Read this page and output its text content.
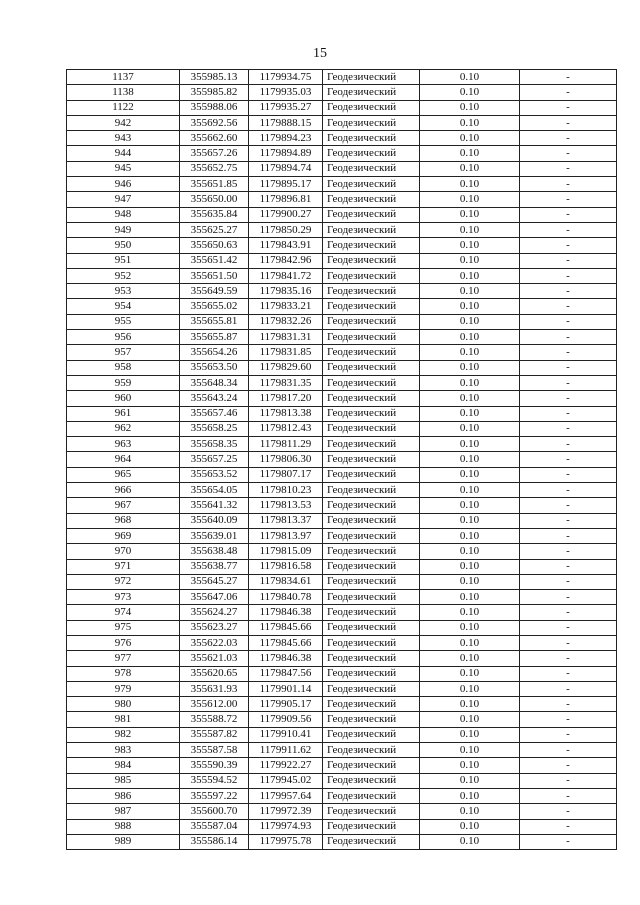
15
1137	355985.13	1179934.75	Геодезический	0.10	-
1138	355985.82	1179935.03	Геодезический	0.10	-
1122	355988.06	1179935.27	Геодезический	0.10	-
942	355692.56	1179888.15	Геодезический	0.10	-
943	355662.60	1179894.23	Геодезический	0.10	-
944	355657.26	1179894.89	Геодезический	0.10	-
945	355652.75	1179894.74	Геодезический	0.10	-
946	355651.85	1179895.17	Геодезический	0.10	-
947	355650.00	1179896.81	Геодезический	0.10	-
948	355635.84	1179900.27	Геодезический	0.10	-
949	355625.27	1179850.29	Геодезический	0.10	-
950	355650.63	1179843.91	Геодезический	0.10	-
951	355651.42	1179842.96	Геодезический	0.10	-
952	355651.50	1179841.72	Геодезический	0.10	-
953	355649.59	1179835.16	Геодезический	0.10	-
954	355655.02	1179833.21	Геодезический	0.10	-
955	355655.81	1179832.26	Геодезический	0.10	-
956	355655.87	1179831.31	Геодезический	0.10	-
957	355654.26	1179831.85	Геодезический	0.10	-
958	355653.50	1179829.60	Геодезический	0.10	-
959	355648.34	1179831.35	Геодезический	0.10	-
960	355643.24	1179817.20	Геодезический	0.10	-
961	355657.46	1179813.38	Геодезический	0.10	-
962	355658.25	1179812.43	Геодезический	0.10	-
963	355658.35	1179811.29	Геодезический	0.10	-
964	355657.25	1179806.30	Геодезический	0.10	-
965	355653.52	1179807.17	Геодезический	0.10	-
966	355654.05	1179810.23	Геодезический	0.10	-
967	355641.32	1179813.53	Геодезический	0.10	-
968	355640.09	1179813.37	Геодезический	0.10	-
969	355639.01	1179813.97	Геодезический	0.10	-
970	355638.48	1179815.09	Геодезический	0.10	-
971	355638.77	1179816.58	Геодезический	0.10	-
972	355645.27	1179834.61	Геодезический	0.10	-
973	355647.06	1179840.78	Геодезический	0.10	-
974	355624.27	1179846.38	Геодезический	0.10	-
975	355623.27	1179845.66	Геодезический	0.10	-
976	355622.03	1179845.66	Геодезический	0.10	-
977	355621.03	1179846.38	Геодезический	0.10	-
978	355620.65	1179847.56	Геодезический	0.10	-
979	355631.93	1179901.14	Геодезический	0.10	-
980	355612.00	1179905.17	Геодезический	0.10	-
981	355588.72	1179909.56	Геодезический	0.10	-
982	355587.82	1179910.41	Геодезический	0.10	-
983	355587.58	1179911.62	Геодезический	0.10	-
984	355590.39	1179922.27	Геодезический	0.10	-
985	355594.52	1179945.02	Геодезический	0.10	-
986	355597.22	1179957.64	Геодезический	0.10	-
987	355600.70	1179972.39	Геодезический	0.10	-
988	355587.04	1179974.93	Геодезический	0.10	-
989	355586.14	1179975.78	Геодезический	0.10	-
